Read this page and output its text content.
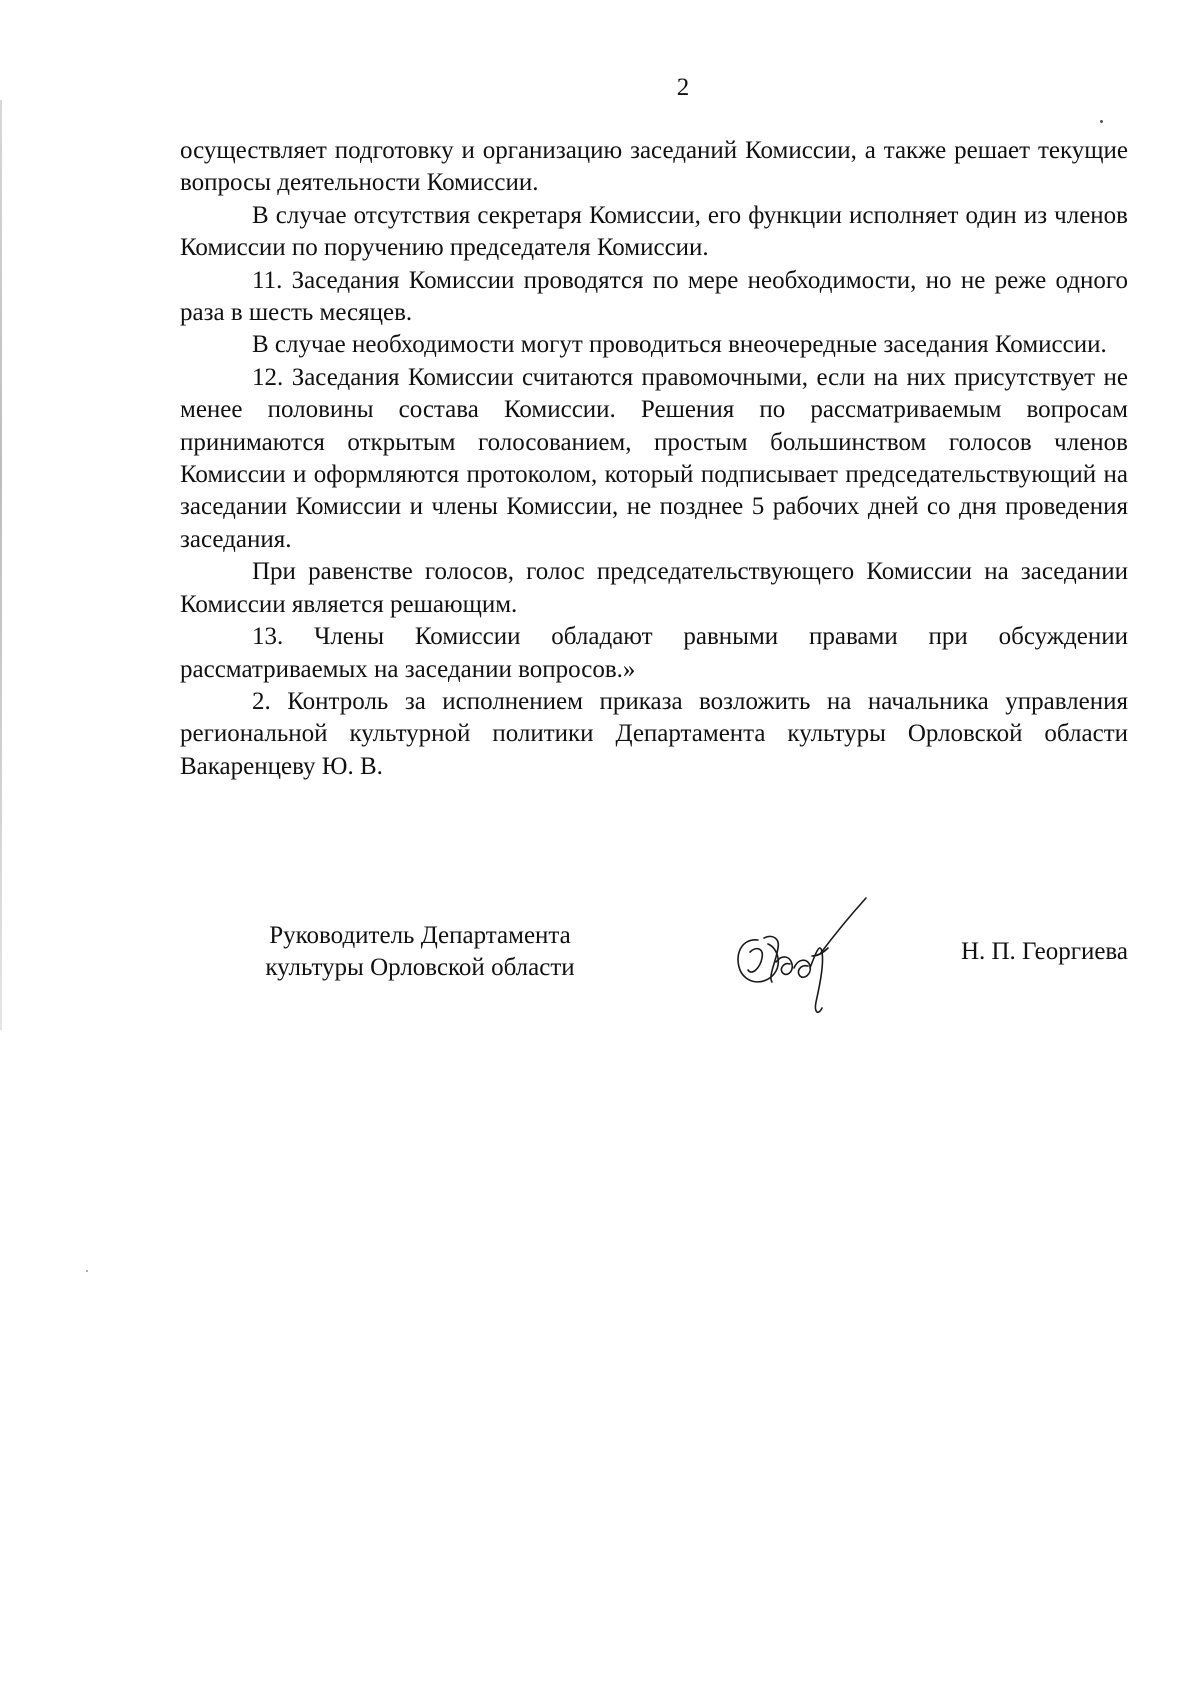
2

осуществляет подготовку и организацию заседаний Комиссии, а также решает текущие вопросы деятельности Комиссии.

В случае отсутствия секретаря Комиссии, его функции исполняет один из членов Комиссии по поручению председателя Комиссии.

11. Заседания Комиссии проводятся по мере необходимости, но не реже одного раза в шесть месяцев.

В случае необходимости могут проводиться внеочередные заседания Комиссии.

12. Заседания Комиссии считаются правомочными, если на них присутствует не менее половины состава Комиссии. Решения по рассматриваемым вопросам принимаются открытым голосованием, простым большинством голосов членов Комиссии и оформляются протоколом, который подписывает председательствующий на заседании Комиссии и члены Комиссии, не позднее 5 рабочих дней со дня проведения заседания.

При равенстве голосов, голос председательствующего Комиссии на заседании Комиссии является решающим.

13. Члены Комиссии обладают равными правами при обсуждении рассматриваемых на заседании вопросов.»

2. Контроль за исполнением приказа возложить на начальника управления региональной культурной политики Департамента культуры Орловской области Вакаренцеву Ю. В.

Руководитель Департамента
культуры Орловской области
Н. П. Георгиева
